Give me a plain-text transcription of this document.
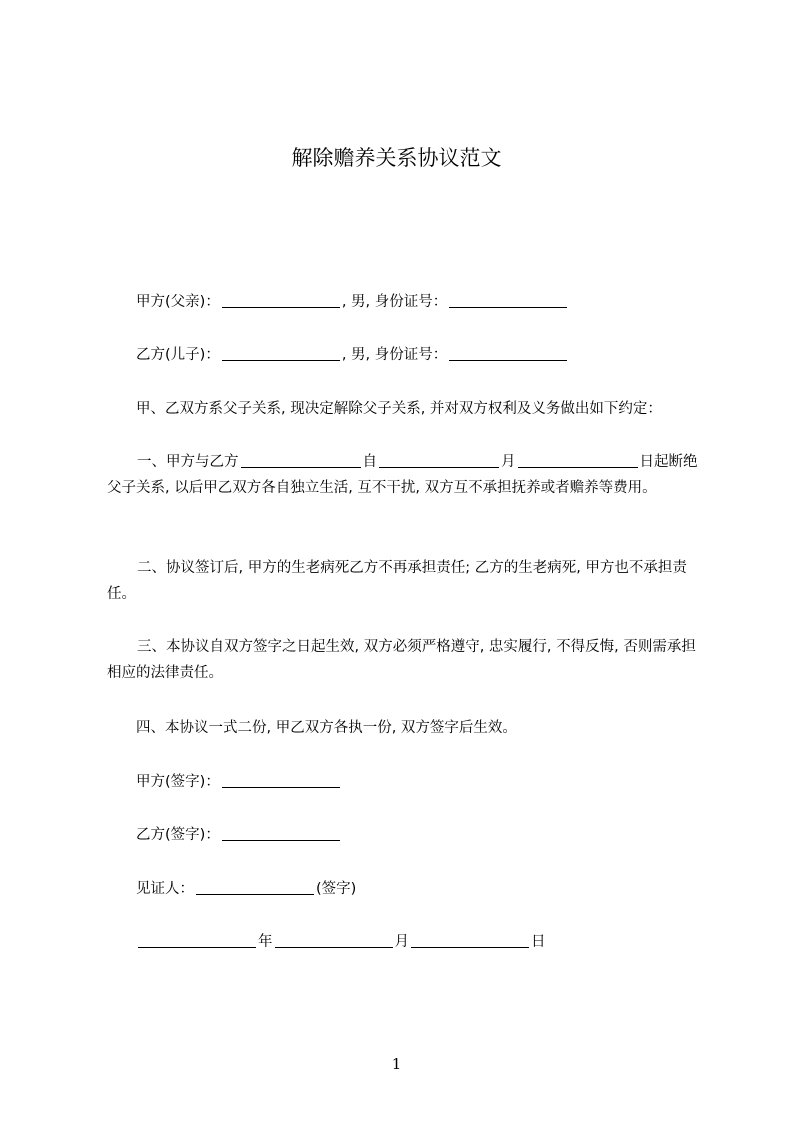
解除赡养关系协议范文
甲方(父亲)：	, 男, 身份证号：
乙方(儿子)：	, 男, 身份证号：
甲、乙双方系父子关系, 现决定解除父子关系, 并对双方权利及义务做出如下约定：
一、甲方与乙方	自	月	日起断绝父子关系, 以后甲乙双方各自独立生活, 互不干扰, 双方互不承担抚养或者赡养等费用。
二、协议签订后, 甲方的生老病死乙方不再承担责任; 乙方的生老病死, 甲方也不承担责任。
三、本协议自双方签字之日起生效, 双方必须严格遵守, 忠实履行, 不得反悔, 否则需承担相应的法律责任。
四、本协议一式二份, 甲乙双方各执一份, 双方签字后生效。
甲方(签字)：
乙方(签字)：
见证人：	(签字)
年	月	日
1
